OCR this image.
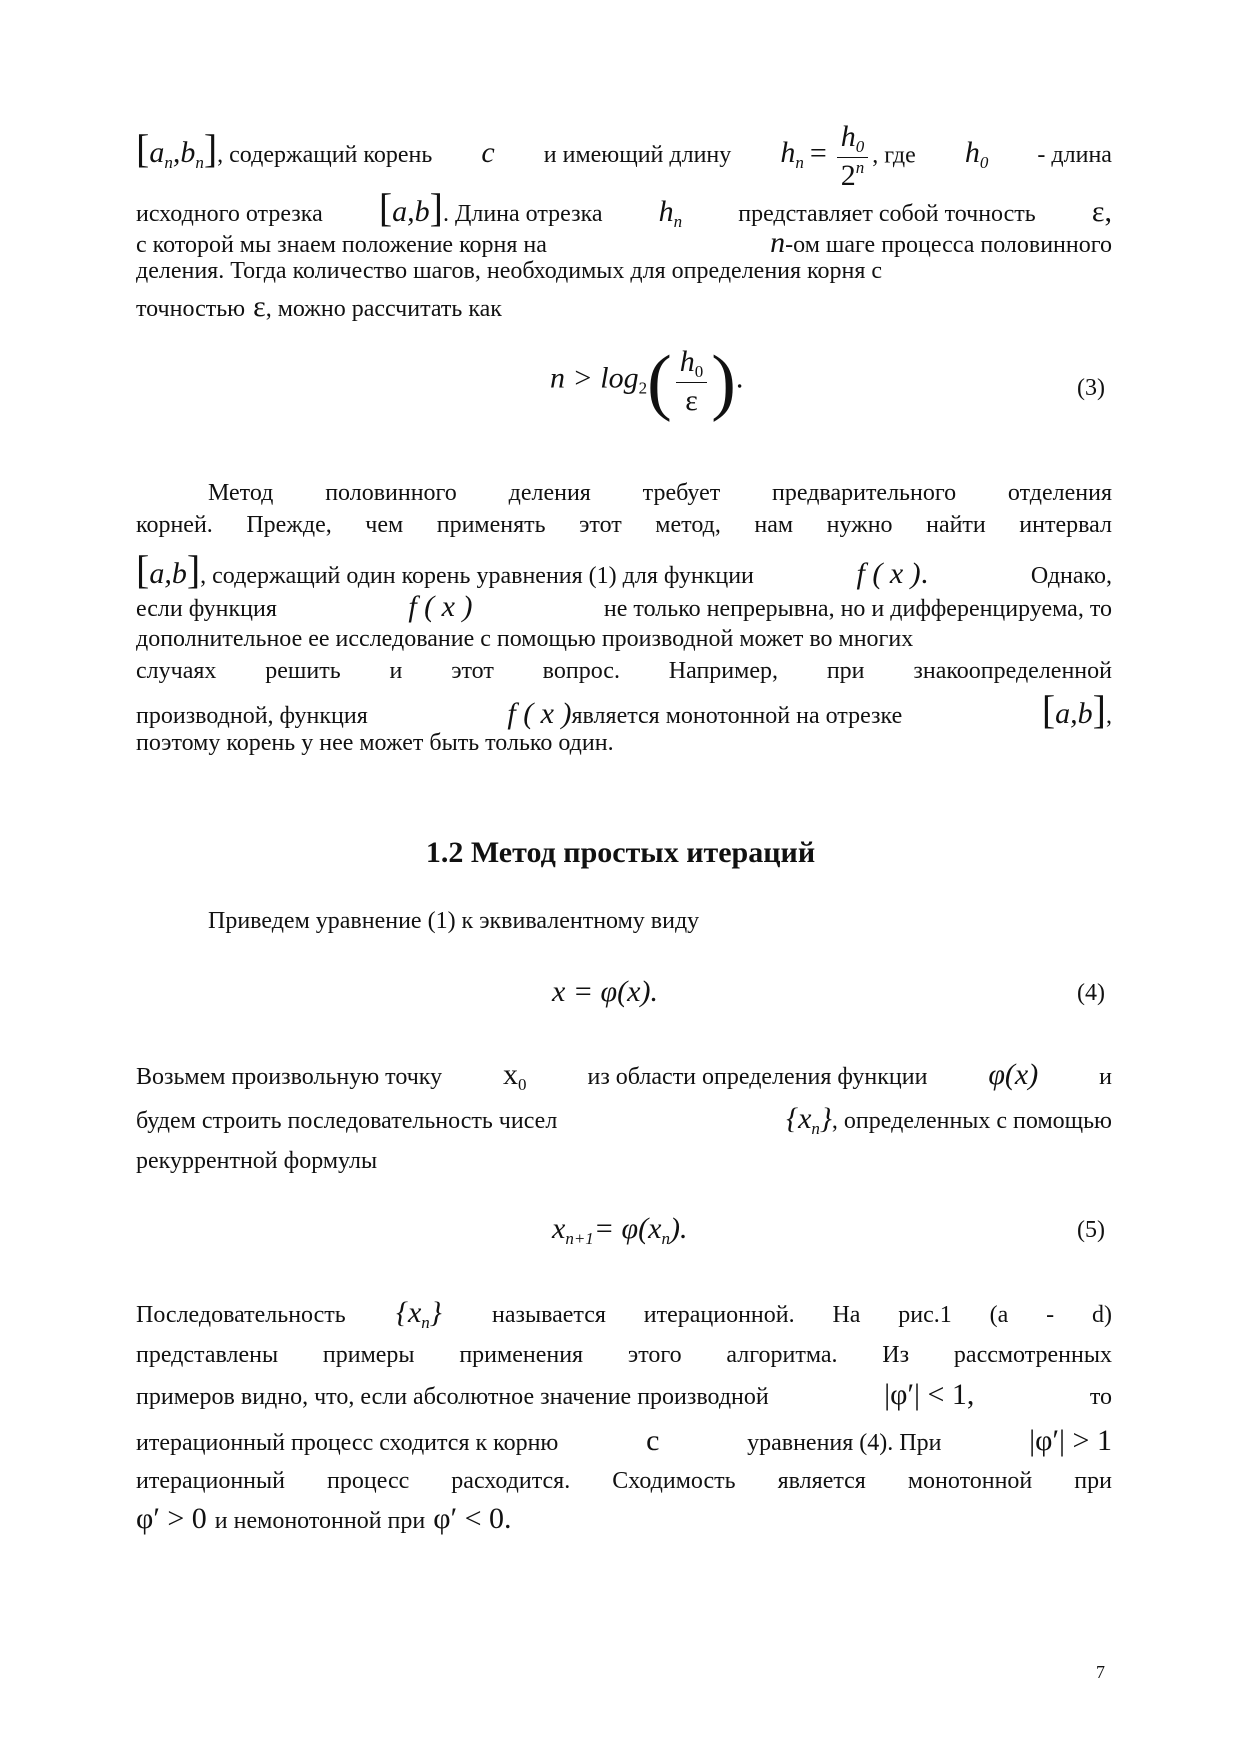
$[a_n,b_n]$, содержащий корень c и имеющий длину $h_n = \frac{h_0}{2^n}$ , где $h_0$ - длина
исходного отрезка [a,b]. Длина отрезка $h_n$ представляет собой точность ε,
с которой мы знаем положение корня на	n-ом шаге процесса половинного
деления. Тогда количество шагов, необходимых для определения корня с
точностью ε, можно рассчитать как
$n > \log_2( \frac{h_0}{\varepsilon}$ ).	(3)
Метод половинного деления требует предварительного отделения
корней. Прежде, чем применять этот метод, нам нужно найти интервал
[a,b], содержащий один корень уравнения (1) для функции	f ( x ).	Однако,
если функция	f ( x )	не только непрерывна, но и дифференцируема, то
дополнительное ее исследование с помощью производной может во многих
случаях решить и этот вопрос. Например, при знакоопределенной
производной, функция	f ( x )является монотонной на отрезке	[a,b],
поэтому корень у нее может быть только один.
1.2 Метод простых итераций
Приведем уравнение (1) к эквивалентному виду
x = φ(x).	(4)
Возьмем произвольную точку $x_0$	из области определения функции φ(x)	и
будем строить последовательность чисел	$\{x_n\}$, определенных с помощью
рекуррентной формулы
$x_{n+1}= \varphi(x_n)$.	(5)
Последовательность $\{x_n\}$ называется итерационной. На рис.1 (a - d)
представлены примеры применения этого алгоритма. Из рассмотренных
примеров видно, что, если абсолютное значение производной	|φ′| < 1,	то
итерационный процесс сходится к корню	c	уравнения (4). При	|φ′| > 1
итерационный процесс расходится. Сходимость является монотонной при
φ′ > 0 и немонотонной при φ′ < 0.
7
